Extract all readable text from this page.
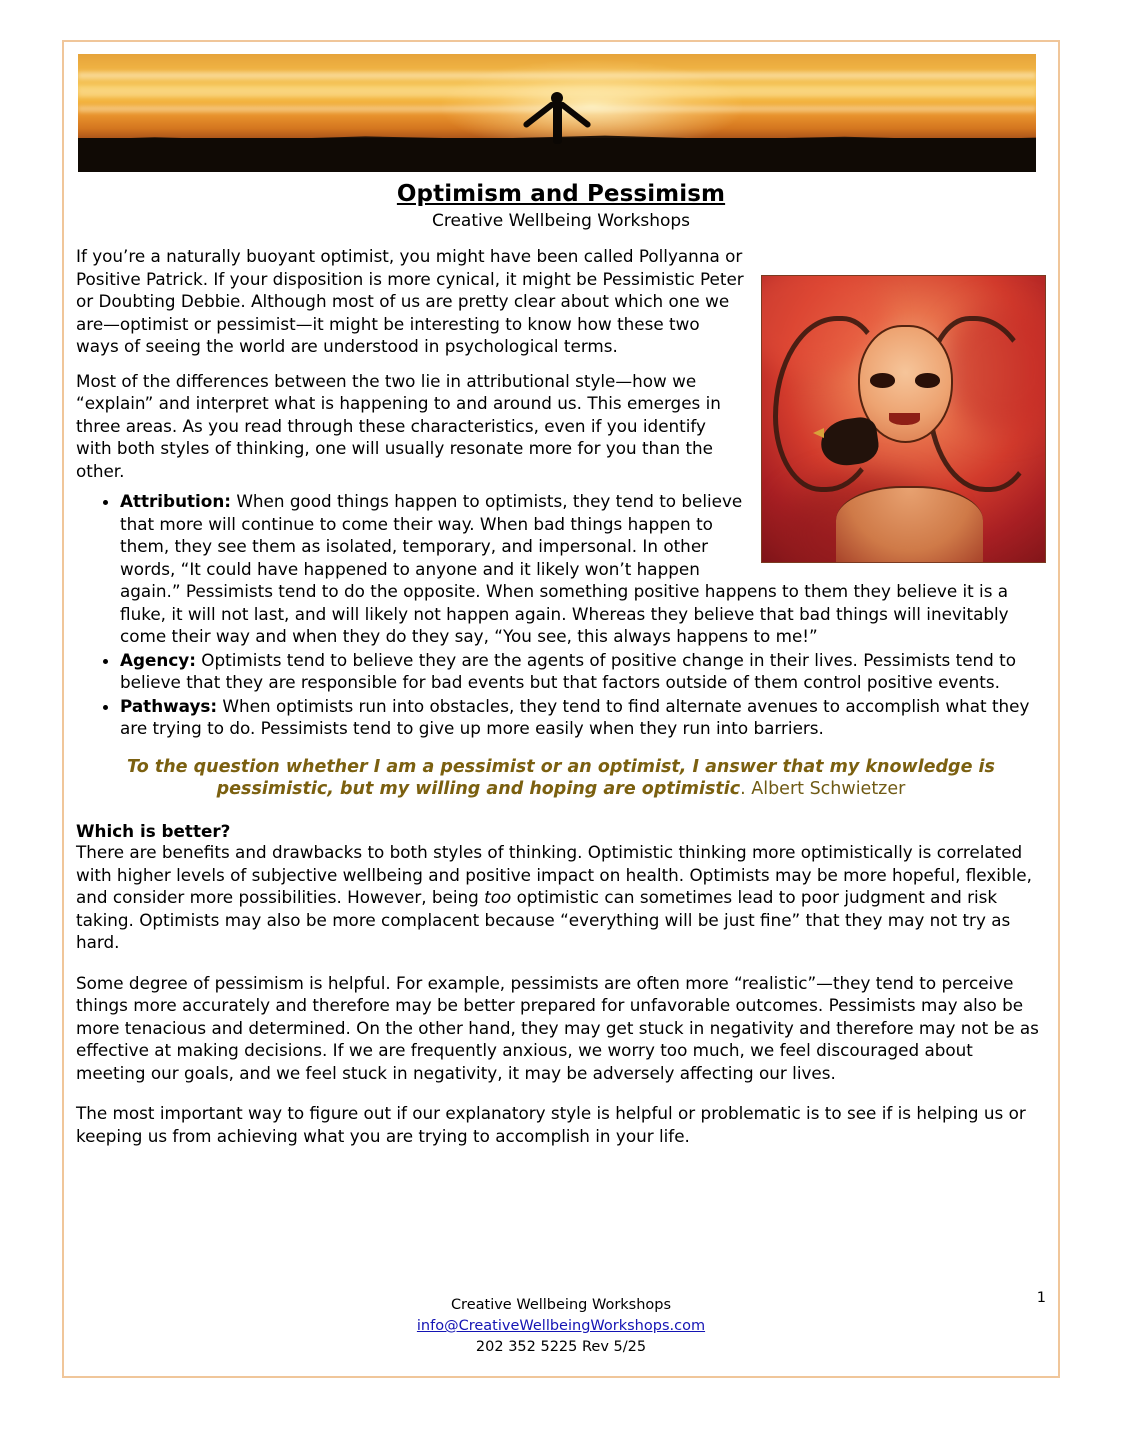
Optimism and Pessimism
Creative Wellbeing Workshops
If you’re a naturally buoyant optimist, you might have been called Pollyanna or Positive Patrick. If your disposition is more cynical, it might be Pessimistic Peter or Doubting Debbie. Although most of us are pretty clear about which one we are—optimist or pessimist—it might be interesting to know how these two ways of seeing the world are understood in psychological terms.
Most of the differences between the two lie in attributional style—how we “explain” and interpret what is happening to and around us. This emerges in three areas. As you read through these characteristics, even if you identify with both styles of thinking, one will usually resonate more for you than the other.
• Attribution: When good things happen to optimists, they tend to believe that more will continue to come their way. When bad things happen to them, they see them as isolated, temporary, and impersonal. In other words, “It could have happened to anyone and it likely won’t happen again.” Pessimists tend to do the opposite. When something positive happens to them they believe it is a fluke, it will not last, and will likely not happen again. Whereas they believe that bad things will inevitably come their way and when they do they say, “You see, this always happens to me!”
• Agency: Optimists tend to believe they are the agents of positive change in their lives. Pessimists tend to believe that they are responsible for bad events but that factors outside of them control positive events.
• Pathways: When optimists run into obstacles, they tend to find alternate avenues to accomplish what they are trying to do. Pessimists tend to give up more easily when they run into barriers.
To the question whether I am a pessimist or an optimist, I answer that my knowledge is pessimistic, but my willing and hoping are optimistic. Albert Schwietzer
Which is better?
There are benefits and drawbacks to both styles of thinking. Optimistic thinking more optimistically is correlated with higher levels of subjective wellbeing and positive impact on health. Optimists may be more hopeful, flexible, and consider more possibilities. However, being too optimistic can sometimes lead to poor judgment and risk taking. Optimists may also be more complacent because “everything will be just fine” that they may not try as hard.
Some degree of pessimism is helpful. For example, pessimists are often more “realistic”—they tend to perceive things more accurately and therefore may be better prepared for unfavorable outcomes. Pessimists may also be more tenacious and determined. On the other hand, they may get stuck in negativity and therefore may not be as effective at making decisions. If we are frequently anxious, we worry too much, we feel discouraged about meeting our goals, and we feel stuck in negativity, it may be adversely affecting our lives.
The most important way to figure out if our explanatory style is helpful or problematic is to see if is helping us or keeping us from achieving what you are trying to accomplish in your life.
1
Creative Wellbeing Workshops
info@CreativeWellbeingWorkshops.com
202 352 5225 Rev 5/25
